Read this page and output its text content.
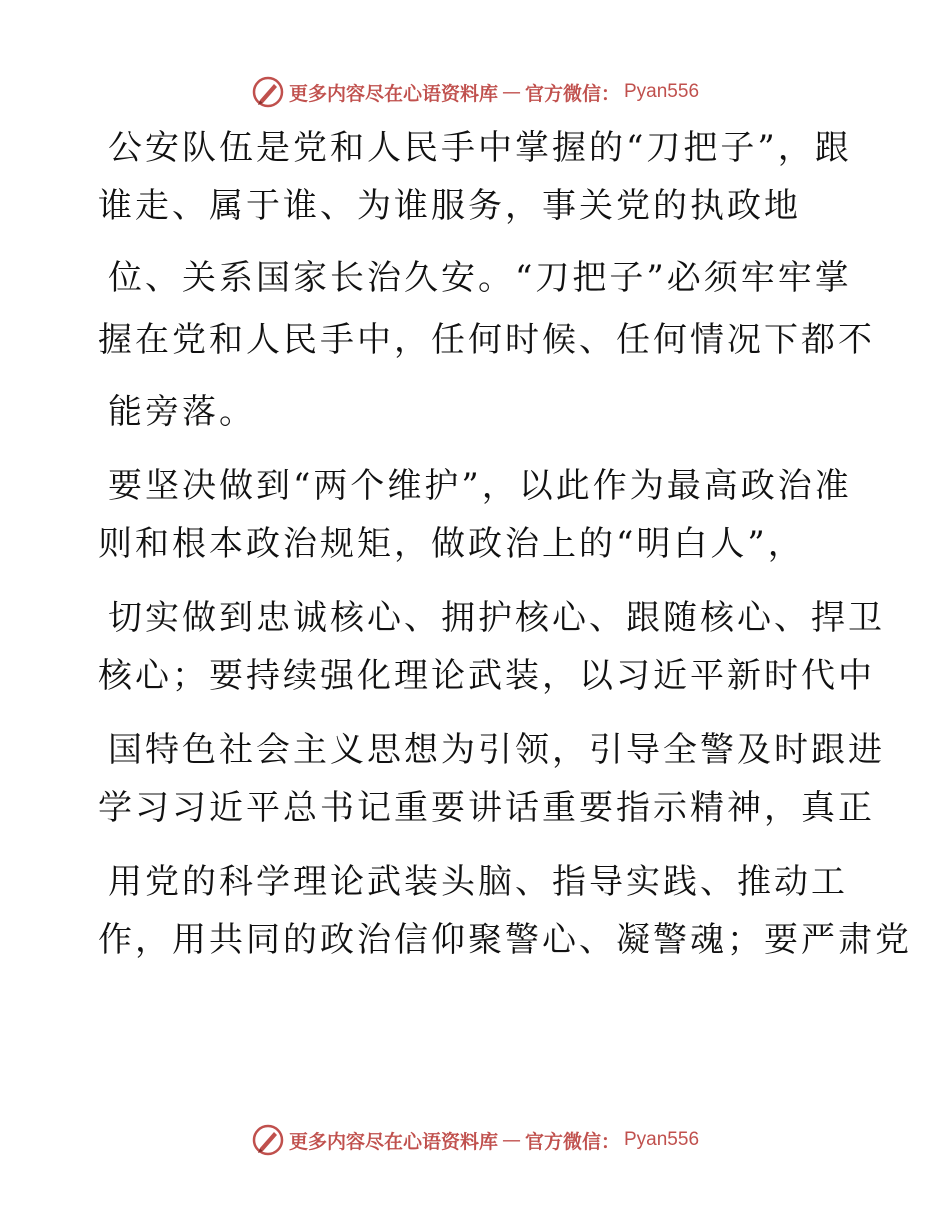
更多内容尽在心语资料库 — 官方微信： Pyan556
公安队伍是党和人民手中掌握的“刀把子”，跟
谁走、属于谁、为谁服务，事关党的执政地
位、关系国家长治久安。“刀把子”必须牢牢掌
握在党和人民手中，任何时候、任何情况下都不
能旁落。
要坚决做到“两个维护”，以此作为最高政治准
则和根本政治规矩，做政治上的“明白人”，
切实做到忠诚核心、拥护核心、跟随核心、捍卫
核心；要持续强化理论武装，以习近平新时代中
国特色社会主义思想为引领，引导全警及时跟进
学习习近平总书记重要讲话重要指示精神，真正
用党的科学理论武装头脑、指导实践、推动工
作，用共同的政治信仰聚警心、凝警魂；要严肃党
更多内容尽在心语资料库 — 官方微信： Pyan556
